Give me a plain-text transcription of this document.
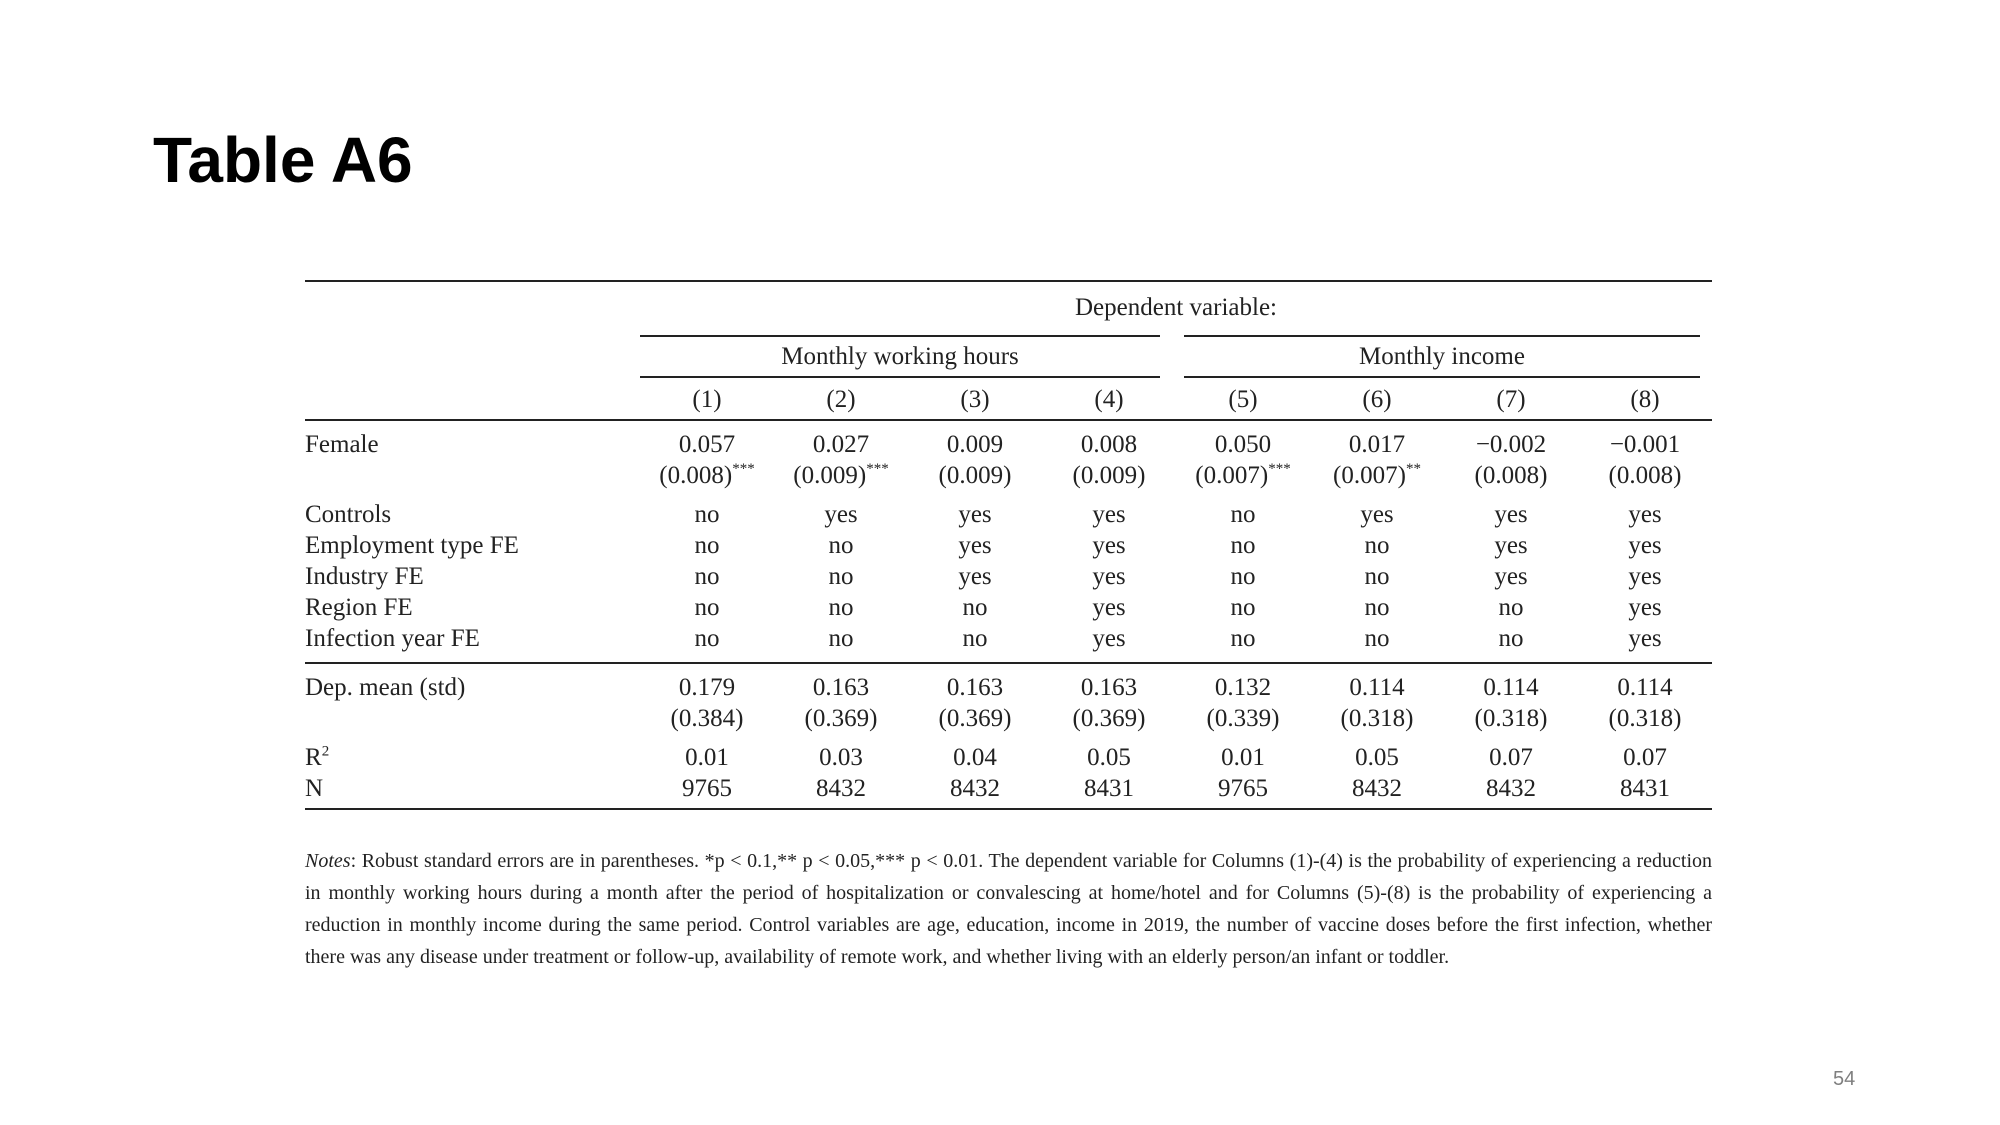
Table A6
	Dependent variable:							

	Monthly working hours				Monthly income			

	(1)	(2)	(3)	(4)	(5)	(6)	(7)	(8)
Female	0.057	0.027	0.009	0.008	0.050	0.017	−0.002	−0.001
	(0.008)***	(0.009)***	(0.009)	(0.009)	(0.007)***	(0.007)**	(0.008)	(0.008)
Controls	no	yes	yes	yes	no	yes	yes	yes
Employment type FE	no	no	yes	yes	no	no	yes	yes
Industry FE	no	no	yes	yes	no	no	yes	yes
Region FE	no	no	no	yes	no	no	no	yes
Infection year FE	no	no	no	yes	no	no	no	yes
Dep. mean (std)	0.179	0.163	0.163	0.163	0.132	0.114	0.114	0.114
	(0.384)	(0.369)	(0.369)	(0.369)	(0.339)	(0.318)	(0.318)	(0.318)
$R^2$	0.01	0.03	0.04	0.05	0.01	0.05	0.07	0.07
N	9765	8432	8432	8431	9765	8432	8432	8431
Notes: Robust standard errors are in parentheses. *p < 0.1,** p < 0.05,*** p < 0.01. The dependent variable for Columns (1)-(4) is the probability of experiencing a reduction in monthly working hours during a month after the period of hospitalization or convalescing at home/hotel and for Columns (5)-(8) is the probability of experiencing a reduction in monthly income during the same period. Control variables are age, education, income in 2019, the number of vaccine doses before the first infection, whether there was any disease under treatment or follow-up, availability of remote work, and whether living with an elderly person/an infant or toddler.
54
